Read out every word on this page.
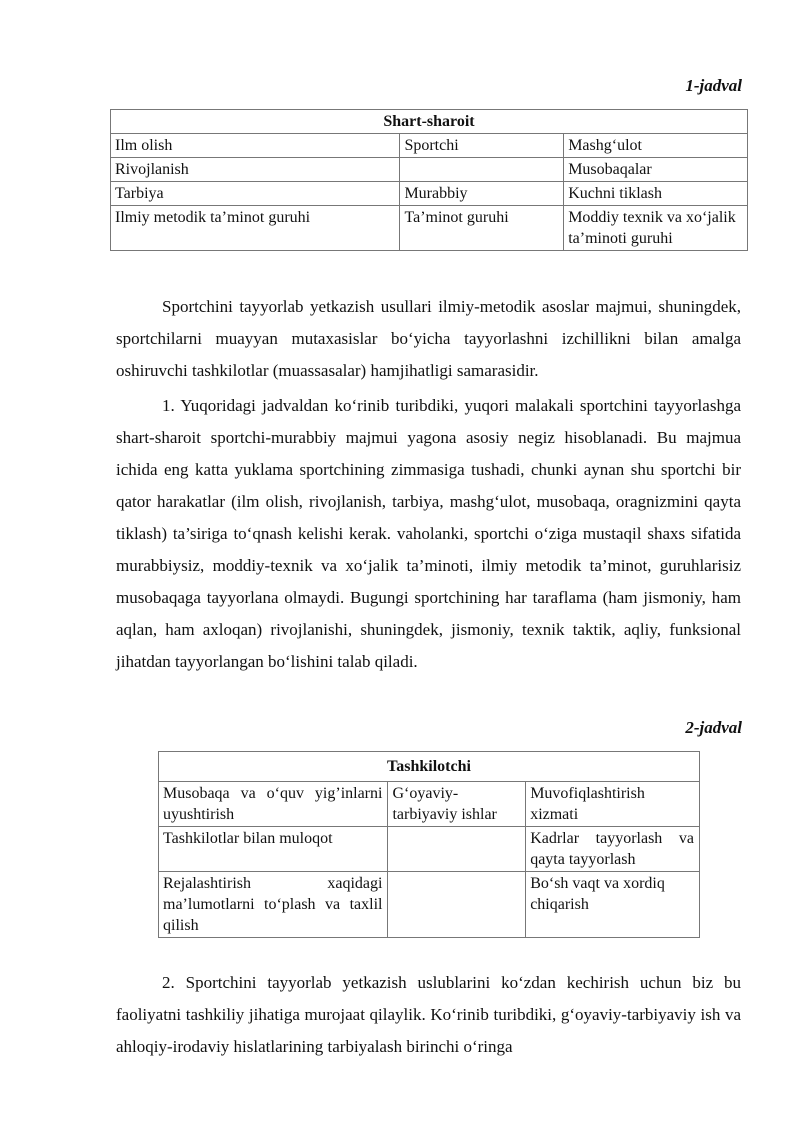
1-jadval
Shart-sharoit		
Ilm olish	Sportchi	Mashg‘ulot
Rivojlanish		Musobaqalar
Tarbiya	Murabbiy	Kuchni tiklash
Ilmiy metodik ta’minot guruhi	Ta’minot guruhi	Moddiy texnik va xo‘jalik ta’minoti guruhi

Sportchini tayyorlab yetkazish usullari ilmiy-metodik asoslar majmui, shuningdek, sportchilarni muayyan mutaxasislar bo‘yicha tayyorlashni izchillikni bilan amalga oshiruvchi tashkilotlar (muassasalar) hamjihatligi samarasidir.

1. Yuqoridagi jadvaldan ko‘rinib turibdiki, yuqori malakali sportchini tayyorlashga shart-sharoit sportchi-murabbiy majmui yagona asosiy negiz hisoblanadi. Bu majmua ichida eng katta yuklama sportchining zimmasiga tushadi, chunki aynan shu sportchi bir qator harakatlar (ilm olish, rivojlanish, tarbiya, mashg‘ulot, musobaqa, oragnizmini qayta tiklash) ta’siriga to‘qnash kelishi kerak. vaholanki, sportchi o‘ziga mustaqil shaxs sifatida murabbiysiz, moddiy-texnik va xo‘jalik ta’minoti, ilmiy metodik ta’minot, guruhlarisiz musobaqaga tayyorlana olmaydi. Bugungi sportchining har taraflama (ham jismoniy, ham aqlan, ham axloqan) rivojlanishi, shuningdek, jismoniy, texnik taktik, aqliy, funksional jihatdan tayyorlangan bo‘lishini talab qiladi.

2-jadval
Tashkilotchi		
Musobaqa va o‘quv yig’inlarni uyushtirish	G‘oyaviy-tarbiyaviy ishlar	Muvofiqlashtirish xizmati
Tashkilotlar bilan muloqot		Kadrlar tayyorlash va qayta tayyorlash
Rejalashtirish xaqidagi ma’lumotlarni to‘plash va taxlil qilish		Bo‘sh vaqt va xordiq chiqarish

2. Sportchini tayyorlab yetkazish uslublarini ko‘zdan kechirish uchun biz bu faoliyatni tashkiliy jihatiga murojaat qilaylik. Ko‘rinib turibdiki, g‘oyaviy-tarbiyaviy ish va ahloqiy-irodaviy hislatlarining tarbiyalash birinchi o‘ringa
